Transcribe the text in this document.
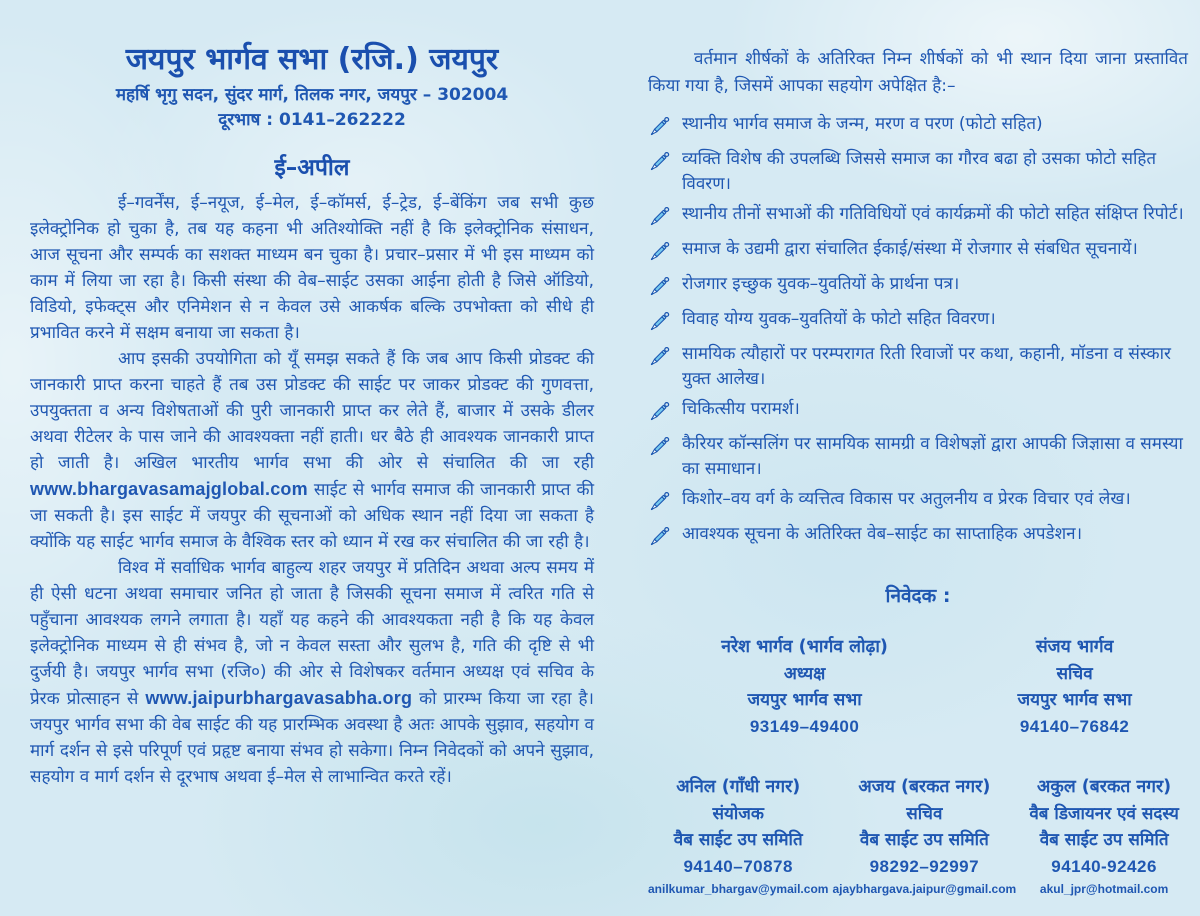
जयपुर भार्गव सभा (रजि.) जयपुर
महर्षि भृगु सदन, सुंदर मार्ग, तिलक नगर, जयपुर – 302004
दूरभाष : 0141–262222
ई–अपील

ई–गवर्नेंस, ई–नयूज, ई–मेल, ई–कॉमर्स, ई–ट्रेड, ई–बेंकिंग जब सभी कुछ इलेक्ट्रोनिक हो चुका है, तब यह कहना भी अतिश्योक्ति नहीं है कि इलेक्ट्रोनिक संसाधन, आज सूचना और सम्पर्क का सशक्त माध्यम बन चुका है। प्रचार–प्रसार में भी इस माध्यम को काम में लिया जा रहा है। किसी संस्था की वेब–साईट उसका आईना होती है जिसे ऑडियो, विडियो, इफेक्ट्स और एनिमेशन से न केवल उसे आकर्षक बल्कि उपभोक्ता को सीधे ही प्रभावित करने में सक्षम बनाया जा सकता है।

आप इसकी उपयोगिता को यूँ समझ सकते हैं कि जब आप किसी प्रोडक्ट की जानकारी प्राप्त करना चाहते हैं तब उस प्रोडक्ट की साईट पर जाकर प्रोडक्ट की गुणवत्ता, उपयुक्तता व अन्य विशेषताओं की पुरी जानकारी प्राप्त कर लेते हैं, बाजार में उसके डीलर अथवा रीटेलर के पास जाने की आवश्यक्ता नहीं हाती। धर बैठे ही आवश्यक जानकारी प्राप्त हो जाती है। अखिल भारतीय भार्गव सभा की ओर से संचालित की जा रही www.bhargavasamajglobal.com साईट से भार्गव समाज की जानकारी प्राप्त की जा सकती है। इस साईट में जयपुर की सूचनाओं को अधिक स्थान नहीं दिया जा सकता है क्योंकि यह साईट भार्गव समाज के वैश्विक स्तर को ध्यान में रख कर संचालित की जा रही है।

विश्व में सर्वाधिक भार्गव बाहुल्य शहर जयपुर में प्रतिदिन अथवा अल्प समय में ही ऐसी धटना अथवा समाचार जनित हो जाता है जिसकी सूचना समाज में त्वरित गति से पहुँचाना आवश्यक लगने लगाता है। यहाँ यह कहने की आवश्यकता नही है कि यह केवल इलेक्ट्रोनिक माध्यम से ही संभव है, जो न केवल सस्ता और सुलभ है, गति की दृष्टि से भी दुर्जयी है। जयपुर भार्गव सभा (रजि०) की ओर से विशेषकर वर्तमान अध्यक्ष एवं सचिव के प्रेरक प्रोत्साहन से www.jaipurbhargavasabha.org को प्रारम्भ किया जा रहा है। जयपुर भार्गव सभा की वेब साईट की यह प्रारम्भिक अवस्था है अतः आपके सुझाव, सहयोग व मार्ग दर्शन से इसे परिपूर्ण एवं प्रहृष्ट बनाया संभव हो सकेगा। निम्न निवेदकों को अपने सुझाव, सहयोग व मार्ग दर्शन से दूरभाष अथवा ई–मेल से लाभान्वित करते रहें।

वर्तमान शीर्षकों के अतिरिक्त निम्न शीर्षकों को भी स्थान दिया जाना प्रस्तावित किया गया है, जिसमें आपका सहयोग अपेक्षित है:–

स्थानीय भार्गव समाज के जन्म, मरण व परण (फोटो सहित)
व्यक्ति विशेष की उपलब्धि जिससे समाज का गौरव बढा हो उसका फोटो सहित विवरण।
स्थानीय तीनों सभाओं की गतिविधियों एवं कार्यक्रमों की फोटो सहित संक्षिप्त रिपोर्ट।
समाज के उद्यमी द्वारा संचालित ईकाई/संस्था में रोजगार से संबधित सूचनायें।
रोजगार इच्छुक युवक–युवतियों के प्रार्थना पत्र।
विवाह योग्य युवक–युवतियों के फोटो सहित विवरण।
सामयिक त्यौहारों पर परम्परागत रिती रिवाजों पर कथा, कहानी, मॉडना व संस्कार युक्त आलेख।
चिकित्सीय परामर्श।
कैरियर कॉन्सलिंग पर सामयिक सामग्री व विशेषज्ञों द्वारा आपकी जिज्ञासा व समस्या का समाधान।
किशोर–वय वर्ग के व्यत्तित्व विकास पर अतुलनीय व प्रेरक विचार एवं लेख।
आवश्यक सूचना के अतिरिक्त वेब–साईट का साप्ताहिक अपडेशन।
निवेदक :
नरेश भार्गव (भार्गव लोढ़ा)
अध्यक्ष
जयपुर भार्गव सभा
93149–49400
संजय भार्गव
सचिव
जयपुर भार्गव सभा
94140–76842
अनिल (गाँधी नगर)
संयोजक
वैब साईट उप समिति
94140–70878
anilkumar_bhargav@ymail.com
अजय (बरकत नगर)
सचिव
वैब साईट उप समिति
98292–92997
ajaybhargava.jaipur@gmail.com
अकुल (बरकत नगर)
वैब डिजायनर एवं सदस्य
वैब साईट उप समिति
94140-92426
akul_jpr@hotmail.com
